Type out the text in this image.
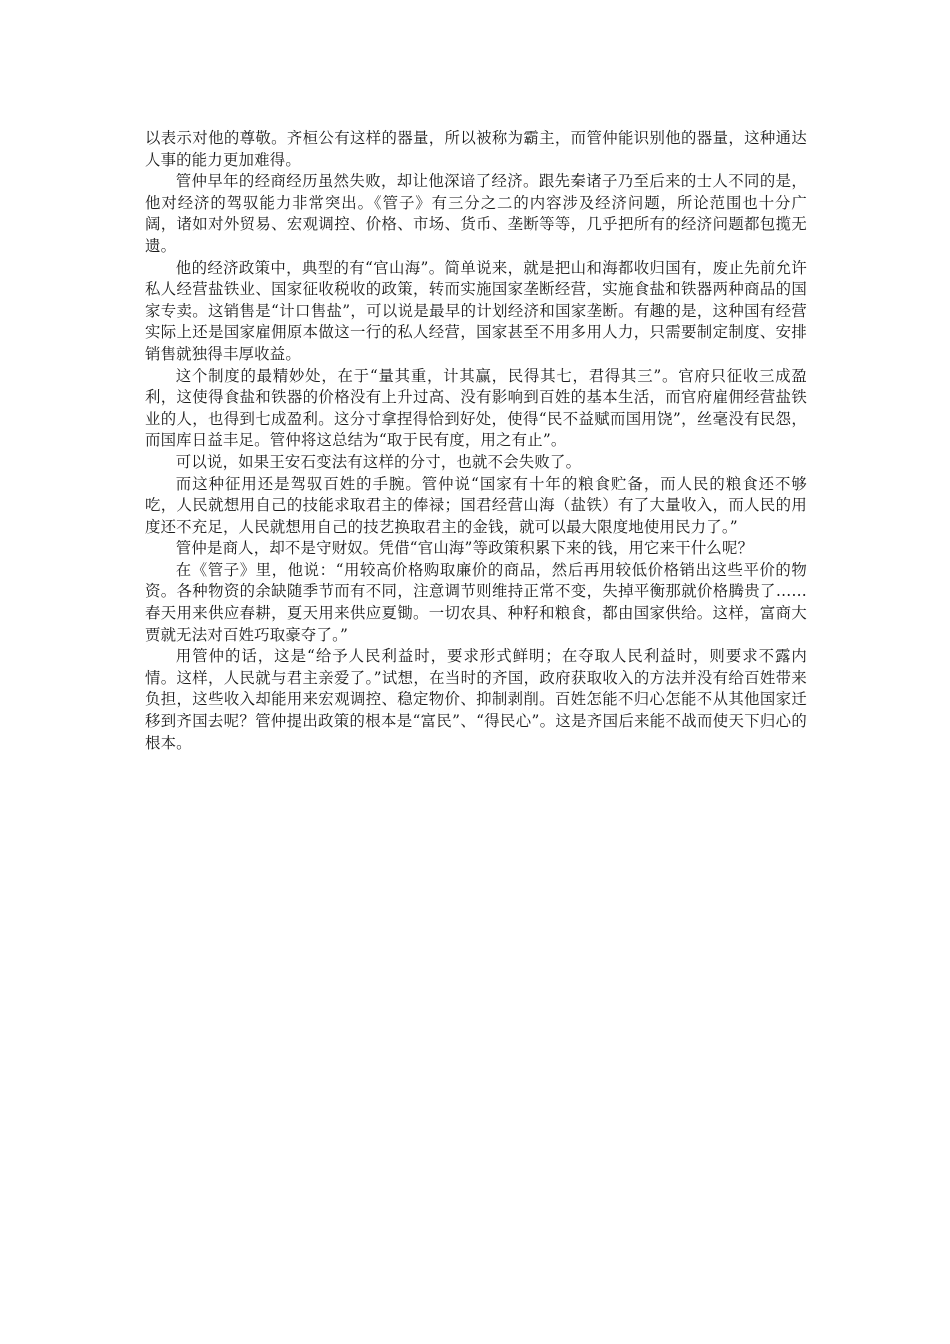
以表示对他的尊敬。齐桓公有这样的器量，所以被称为霸主，而管仲能识别他的器量，这种通达人事的能力更加难得。

管仲早年的经商经历虽然失败，却让他深谙了经济。跟先秦诸子乃至后来的士人不同的是，他对经济的驾驭能力非常突出。《管子》有三分之二的内容涉及经济问题，所论范围也十分广阔，诸如对外贸易、宏观调控、价格、市场、货币、垄断等等，几乎把所有的经济问题都包揽无遗。

他的经济政策中，典型的有“官山海”。简单说来，就是把山和海都收归国有，废止先前允许私人经营盐铁业、国家征收税收的政策，转而实施国家垄断经营，实施食盐和铁器两种商品的国家专卖。这销售是“计口售盐”，可以说是最早的计划经济和国家垄断。有趣的是，这种国有经营实际上还是国家雇佣原本做这一行的私人经营，国家甚至不用多用人力，只需要制定制度、安排销售就独得丰厚收益。

这个制度的最精妙处，在于“量其重，计其赢，民得其七，君得其三”。官府只征收三成盈利，这使得食盐和铁器的价格没有上升过高、没有影响到百姓的基本生活，而官府雇佣经营盐铁业的人，也得到七成盈利。这分寸拿捏得恰到好处，使得“民不益赋而国用饶”，丝毫没有民怨，而国库日益丰足。管仲将这总结为“取于民有度，用之有止”。

可以说，如果王安石变法有这样的分寸，也就不会失败了。

而这种征用还是驾驭百姓的手腕。管仲说“国家有十年的粮食贮备，而人民的粮食还不够吃，人民就想用自己的技能求取君主的俸禄；国君经营山海（盐铁）有了大量收入，而人民的用度还不充足，人民就想用自己的技艺换取君主的金钱，就可以最大限度地使用民力了。”

管仲是商人，却不是守财奴。凭借“官山海”等政策积累下来的钱，用它来干什么呢？

在《管子》里，他说：“用较高价格购取廉价的商品，然后再用较低价格销出这些平价的物资。各种物资的余缺随季节而有不同，注意调节则维持正常不变，失掉平衡那就价格腾贵了……春天用来供应春耕，夏天用来供应夏锄。一切农具、种籽和粮食，都由国家供给。这样，富商大贾就无法对百姓巧取豪夺了。”

用管仲的话，这是“给予人民利益时，要求形式鲜明；在夺取人民利益时，则要求不露内情。这样，人民就与君主亲爱了。”试想，在当时的齐国，政府获取收入的方法并没有给百姓带来负担，这些收入却能用来宏观调控、稳定物价、抑制剥削。百姓怎能不归心怎能不从其他国家迁移到齐国去呢？管仲提出政策的根本是“富民”、“得民心”。这是齐国后来能不战而使天下归心的根本。
